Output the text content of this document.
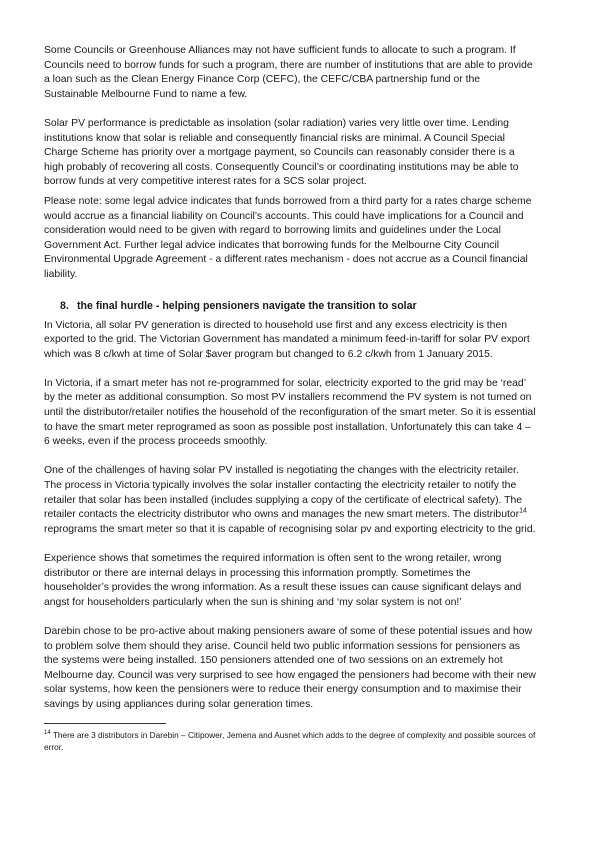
Some Councils or Greenhouse Alliances may not have sufficient funds to allocate to such a program. If Councils need to borrow funds for such a program, there are number of institutions that are able to provide a loan such as the Clean Energy Finance Corp (CEFC), the CEFC/CBA partnership fund or the Sustainable Melbourne Fund to name a few.

Solar PV performance is predictable as insolation (solar radiation) varies very little over time. Lending institutions know that solar is reliable and consequently financial risks are minimal. A Council Special Charge Scheme has priority over a mortgage payment, so Councils can reasonably consider there is a high probably of recovering all costs. Consequently Council’s or coordinating institutions may be able to borrow funds at very competitive interest rates for a SCS solar project.

Please note: some legal advice indicates that funds borrowed from a third party for a rates charge scheme would accrue as a financial liability on Council’s accounts. This could have implications for a Council and consideration would need to be given with regard to borrowing limits and guidelines under the Local Government Act. Further legal advice indicates that borrowing funds for the Melbourne City Council Environmental Upgrade Agreement - a different rates mechanism - does not accrue as a Council financial liability.

8. the final hurdle - helping pensioners navigate the transition to solar

In Victoria, all solar PV generation is directed to household use first and any excess electricity is then exported to the grid. The Victorian Government has mandated a minimum feed-in-tariff for solar PV export which was 8 c/kwh at time of Solar $aver program but changed to 6.2 c/kwh from 1 January 2015.

In Victoria, if a smart meter has not re-programmed for solar, electricity exported to the grid may be ‘read’ by the meter as additional consumption. So most PV installers recommend the PV system is not turned on until the distributor/retailer notifies the household of the reconfiguration of the smart meter. So it is essential to have the smart meter reprogramed as soon as possible post installation. Unfortunately this can take 4 – 6 weeks, even if the process proceeds smoothly.

One of the challenges of having solar PV installed is negotiating the changes with the electricity retailer. The process in Victoria typically involves the solar installer contacting the electricity retailer to notify the retailer that solar has been installed (includes supplying a copy of the certificate of electrical safety). The retailer contacts the electricity distributor who owns and manages the new smart meters. The distributor$^{14}$ reprograms the smart meter so that it is capable of recognising solar pv and exporting electricity to the grid.

Experience shows that sometimes the required information is often sent to the wrong retailer, wrong distributor or there are internal delays in processing this information promptly. Sometimes the householder’s provides the wrong information. As a result these issues can cause significant delays and angst for householders particularly when the sun is shining and ‘my solar system is not on!’

Darebin chose to be pro-active about making pensioners aware of some of these potential issues and how to problem solve them should they arise. Council held two public information sessions for pensioners as the systems were being installed. 150 pensioners attended one of two sessions on an extremely hot Melbourne day. Council was very surprised to see how engaged the pensioners had become with their new solar systems, how keen the pensioners were to reduce their energy consumption and to maximise their savings by using appliances during solar generation times.

$^{14}$ There are 3 distributors in Darebin – Citipower, Jemena and Ausnet which adds to the degree of complexity and possible sources of error.
